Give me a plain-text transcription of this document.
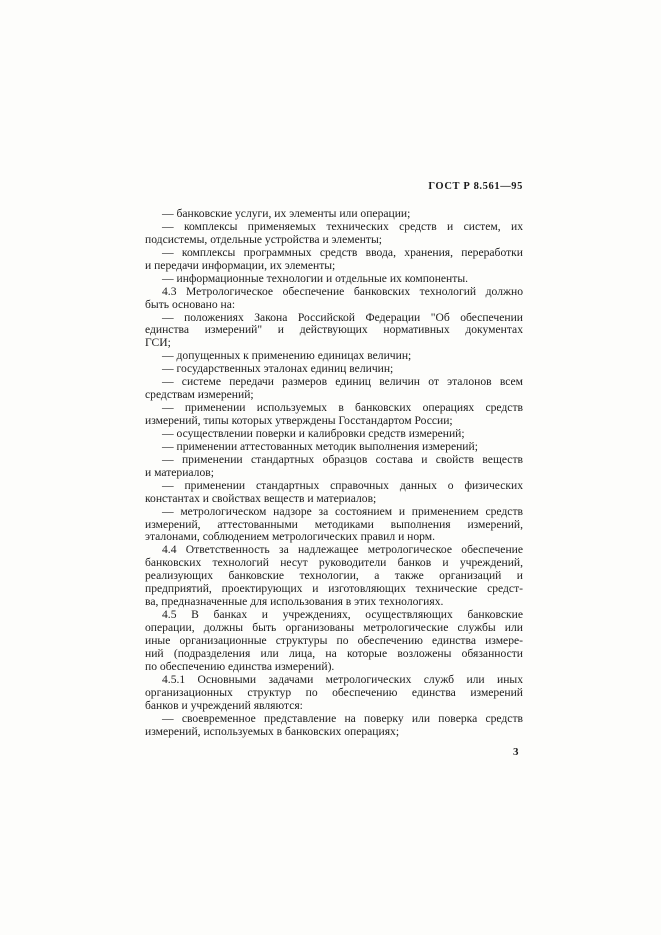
ГОСТ Р 8.561—95
— банковские услуги, их элементы или операции;
— комплексы применяемых технических средств и систем, их
подсистемы, отдельные устройства и элементы;
— комплексы программных средств ввода, хранения, переработки
и передачи информации, их элементы;
— информационные технологии и отдельные их компоненты.
4.3 Метрологическое обеспечение банковских технологий должно
быть основано на:
— положениях Закона Российской Федерации "Об обеспечении
единства измерений" и действующих нормативных документах
ГСИ;
— допущенных к применению единицах величин;
— государственных эталонах единиц величин;
— системе передачи размеров единиц величин от эталонов всем
средствам измерений;
— применении используемых в банковских операциях средств
измерений, типы которых утверждены Госстандартом России;
— осуществлении поверки и калибровки средств измерений;
— применении аттестованных методик выполнения измерений;
— применении стандартных образцов состава и свойств веществ
и материалов;
— применении стандартных справочных данных о физических
константах и свойствах веществ и материалов;
— метрологическом надзоре за состоянием и применением средств
измерений, аттестованными методиками выполнения измерений,
эталонами, соблюдением метрологических правил и норм.
4.4 Ответственность за надлежащее метрологическое обеспечение
банковских технологий несут руководители банков и учреждений,
реализующих банковские технологии, а также организаций и
предприятий, проектирующих и изготовляющих технические средст-
ва, предназначенные для использования в этих технологиях.
4.5 В банках и учреждениях, осуществляющих банковские
операции, должны быть организованы метрологические службы или
иные организационные структуры по обеспечению единства измере-
ний (подразделения или лица, на которые возложены обязанности
по обеспечению единства измерений).
4.5.1 Основными задачами метрологических служб или иных
организационных структур по обеспечению единства измерений
банков и учреждений являются:
— своевременное представление на поверку или поверка средств
измерений, используемых в банковских операциях;
3
